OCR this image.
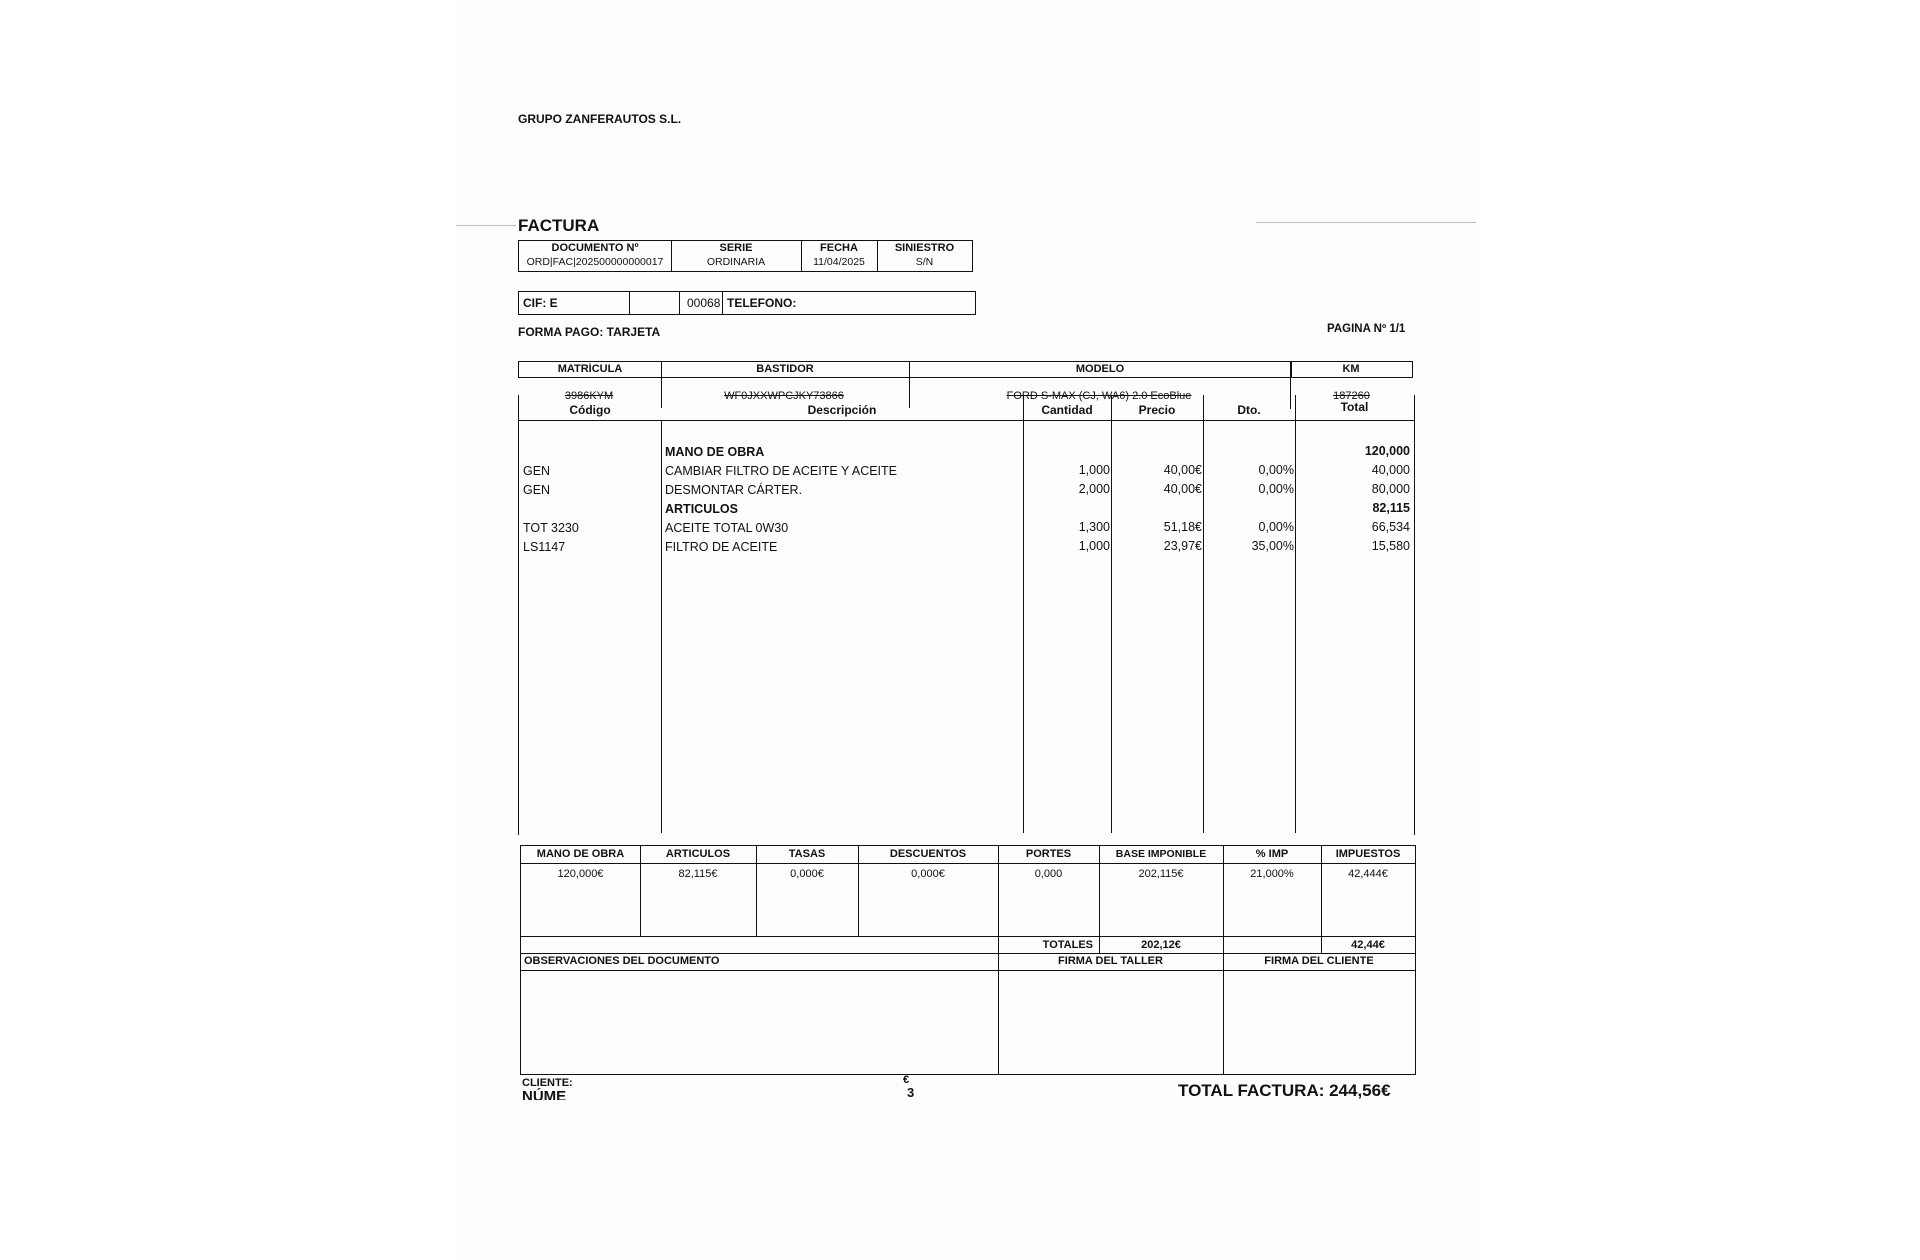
GRUPO ZANFERAUTOS S.L.
FACTURA
DOCUMENTO Nº	SERIE	FECHA	SINIESTRO
ORD|FAC|202500000000017	ORDINARIA	11/04/2025	S/N
CIF: E	00068 TELEFONO:
FORMA PAGO: TARJETA	PAGINA Nº 1/1
MATRÍCULA	BASTIDOR	MODELO	KM
3986KYM	WF0JXXWPCJKY73866	FORD S-MAX (CJ, WA6) 2.0 EcoBlue	187260
Código	Descripción	Cantidad	Precio	Dto.	Total
MANO DE OBRA	120,000
GEN	CAMBIAR FILTRO DE ACEITE Y ACEITE	1,000	40,00€	0,00%	40,000
GEN	DESMONTAR CÁRTER.	2,000	40,00€	0,00%	80,000
ARTICULOS	82,115
TOT 3230	ACEITE TOTAL 0W30	1,300	51,18€	0,00%	66,534
LS1147	FILTRO DE ACEITE	1,000	23,97€	35,00%	15,580
MANO DE OBRA	ARTICULOS	TASAS	DESCUENTOS	PORTES	BASE IMPONIBLE	% IMP	IMPUESTOS
120,000€	82,115€	0,000€	0,000€	0,000	202,115€	21,000%	42,444€
TOTALES	202,12€	42,44€
OBSERVACIONES DEL DOCUMENTO	FIRMA DEL TALLER	FIRMA DEL CLIENTE
CLIENTE:
NÚME
€
3	TOTAL FACTURA: 244,56€
